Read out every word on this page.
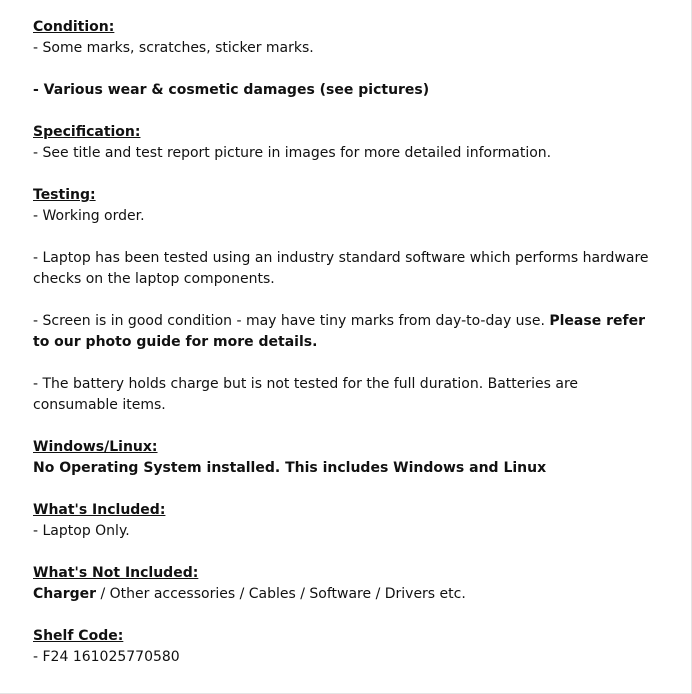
Condition:
- Some marks, scratches, sticker marks.
- Various wear & cosmetic damages (see pictures)
Specification:
- See title and test report picture in images for more detailed information.
Testing:
- Working order.
- Laptop has been tested using an industry standard software which performs hardware checks on the laptop components.
- Screen is in good condition - may have tiny marks from day-to-day use. Please refer to our photo guide for more details.
- The battery holds charge but is not tested for the full duration. Batteries are consumable items.
Windows/Linux:
No Operating System installed. This includes Windows and Linux
What's Included:
- Laptop Only.
What's Not Included:
Charger / Other accessories / Cables / Software / Drivers etc.
Shelf Code:
- F24 161025770580
